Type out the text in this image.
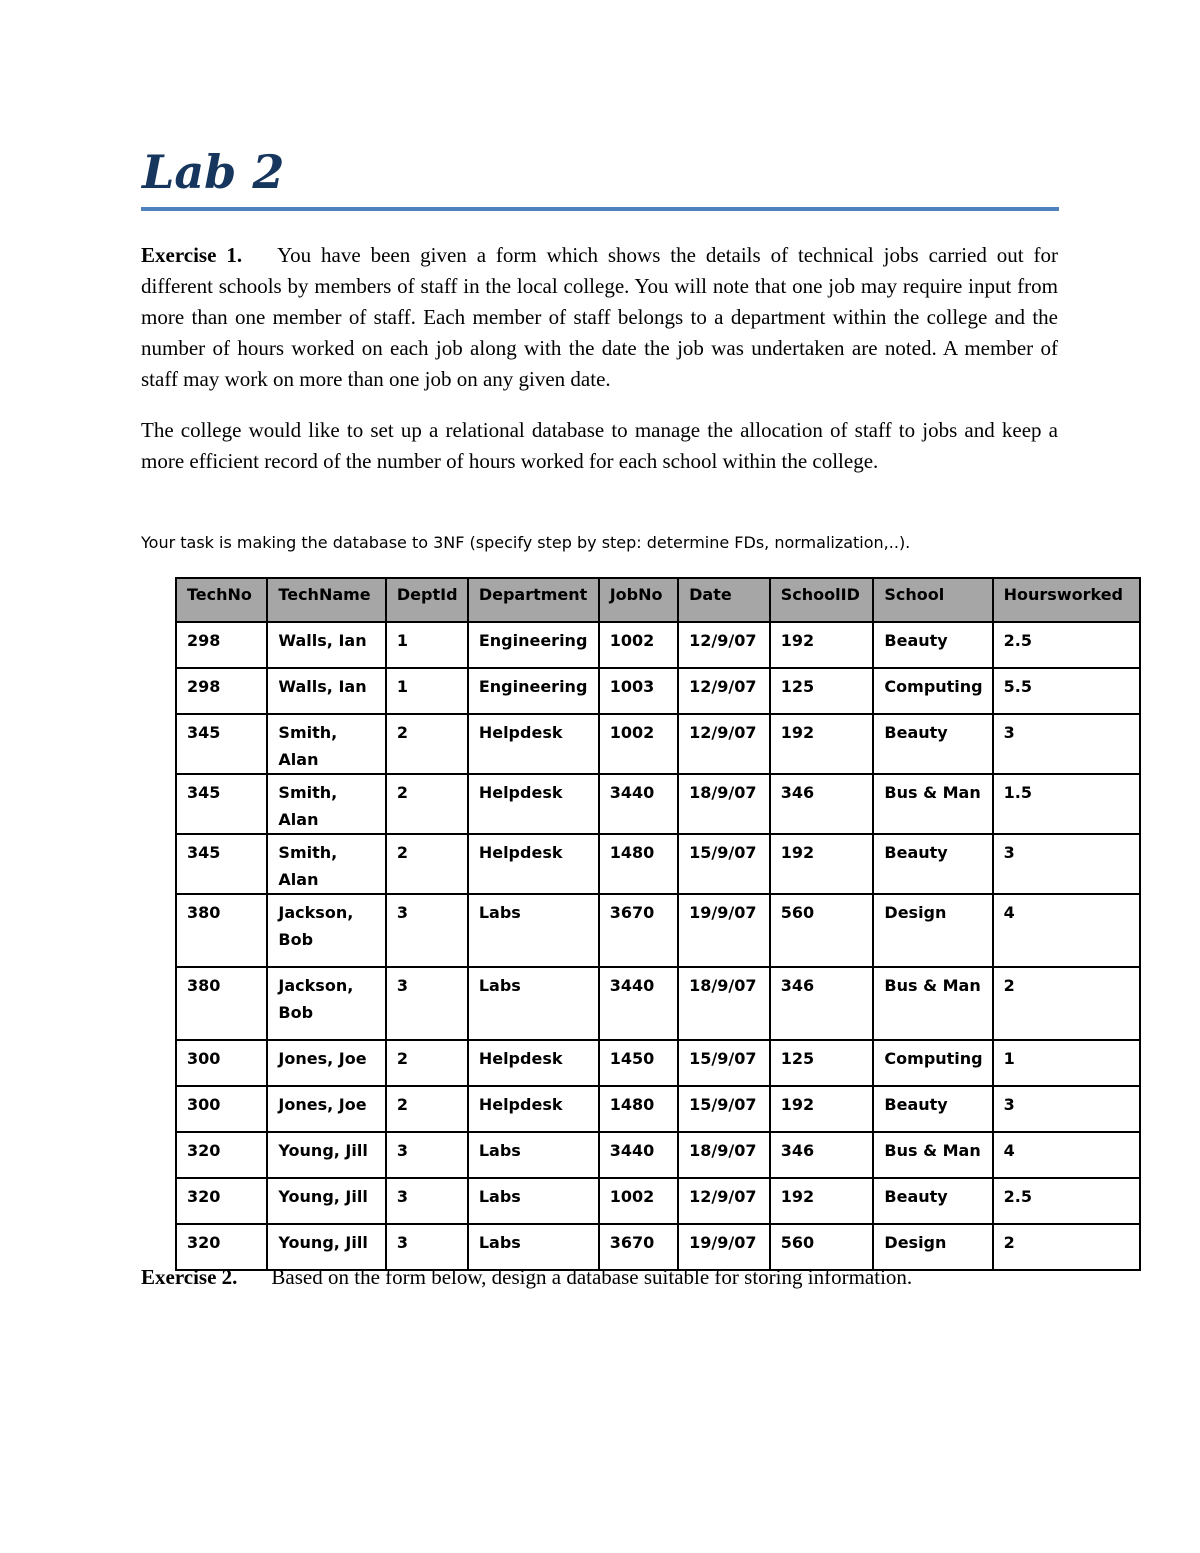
Lab 2

Exercise 1. You have been given a form which shows the details of technical jobs carried out for different schools by members of staff in the local college. You will note that one job may require input from more than one member of staff. Each member of staff belongs to a department within the college and the number of hours worked on each job along with the date the job was undertaken are noted. A member of staff may work on more than one job on any given date.

The college would like to set up a relational database to manage the allocation of staff to jobs and keep a more efficient record of the number of hours worked for each school within the college.

Your task is making the database to 3NF (specify step by step: determine FDs, normalization,..).

TechNo	TechName	DeptId	Department	JobNo	Date	SchoolID	School	Hoursworked
298	Walls, Ian	1	Engineering	1002	12/9/07	192	Beauty	2.5
298	Walls, Ian	1	Engineering	1003	12/9/07	125	Computing	5.5
345	Smith, Alan	2	Helpdesk	1002	12/9/07	192	Beauty	3
345	Smith, Alan	2	Helpdesk	3440	18/9/07	346	Bus & Man	1.5
345	Smith, Alan	2	Helpdesk	1480	15/9/07	192	Beauty	3
380	Jackson, Bob	3	Labs	3670	19/9/07	560	Design	4
380	Jackson, Bob	3	Labs	3440	18/9/07	346	Bus & Man	2
300	Jones, Joe	2	Helpdesk	1450	15/9/07	125	Computing	1
300	Jones, Joe	2	Helpdesk	1480	15/9/07	192	Beauty	3
320	Young, Jill	3	Labs	3440	18/9/07	346	Bus & Man	4
320	Young, Jill	3	Labs	1002	12/9/07	192	Beauty	2.5
320	Young, Jill	3	Labs	3670	19/9/07	560	Design	2

Exercise 2. Based on the form below, design a database suitable for storing information.
